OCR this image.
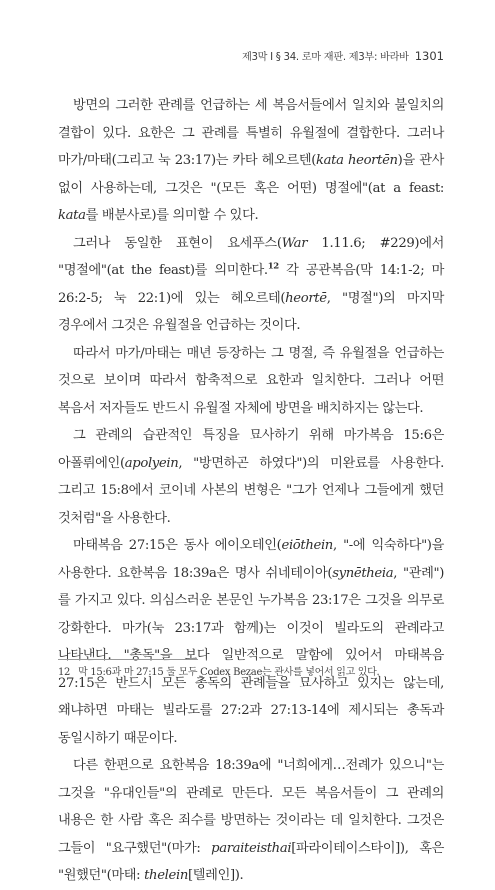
제3막 I § 34. 로마 재판. 제3부: 바라바 1301

방면의 그러한 관례를 언급하는 세 복음서들에서 일치와 불일치의 결합이 있다. 요한은 그 관례를 특별히 유월절에 결합한다. 그러나 마가/마태(그리고 눅 23:17)는 카타 헤오르텐(kata heortēn)을 관사 없이 사용하는데, 그것은 "(모든 혹은 어떤) 명절에"(at a feast: kata를 배분사로)를 의미할 수 있다.

그러나 동일한 표현이 요세푸스(War 1.11.6; #229)에서 "명절에"(at the feast)를 의미한다.$^{12}$ 각 공관복음(막 14:1-2; 마 26:2-5; 눅 22:1)에 있는 헤오르테(heortē, "명절")의 마지막 경우에서 그것은 유월절을 언급하는 것이다.

따라서 마가/마태는 매년 등장하는 그 명절, 즉 유월절을 언급하는 것으로 보이며 따라서 함축적으로 요한과 일치한다. 그러나 어떤 복음서 저자들도 반드시 유월절 자체에 방면을 배치하지는 않는다.

그 관례의 습관적인 특징을 묘사하기 위해 마가복음 15:6은 아폴뤼에인(apolyein, "방면하곤 하였다")의 미완료를 사용한다. 그리고 15:8에서 코이네 사본의 변형은 "그가 언제나 그들에게 했던 것처럼"을 사용한다.

마태복음 27:15은 동사 에이오테인(eiōthein, "-에 익숙하다")을 사용한다. 요한복음 18:39a은 명사 쉬네테이아(synētheia, "관례")를 가지고 있다. 의심스러운 본문인 누가복음 23:17은 그것을 의무로 강화한다. 마가(눅 23:17과 함께)는 이것이 빌라도의 관례라고 나타낸다. "총독"을 보다 일반적으로 말함에 있어서 마태복음 27:15은 반드시 모든 총독의 관례들을 묘사하고 있지는 않는데, 왜냐하면 마태는 빌라도를 27:2과 27:13-14에 제시되는 총독과 동일시하기 때문이다.

다른 한편으로 요한복음 18:39a에 "너희에게…전례가 있으니"는 그것을 "유대인들"의 관례로 만든다. 모든 복음서들이 그 관례의 내용은 한 사람 혹은 죄수를 방면하는 것이라는 데 일치한다. 그것은 그들이 "요구했던"(마가: paraiteisthai[파라이테이스타이]), 혹은 "원했던"(마태: thelein[텔레인]).

12 막 15:6과 마 27:15 둘 모두 Codex Bezae는 관사를 넣어서 읽고 있다.
